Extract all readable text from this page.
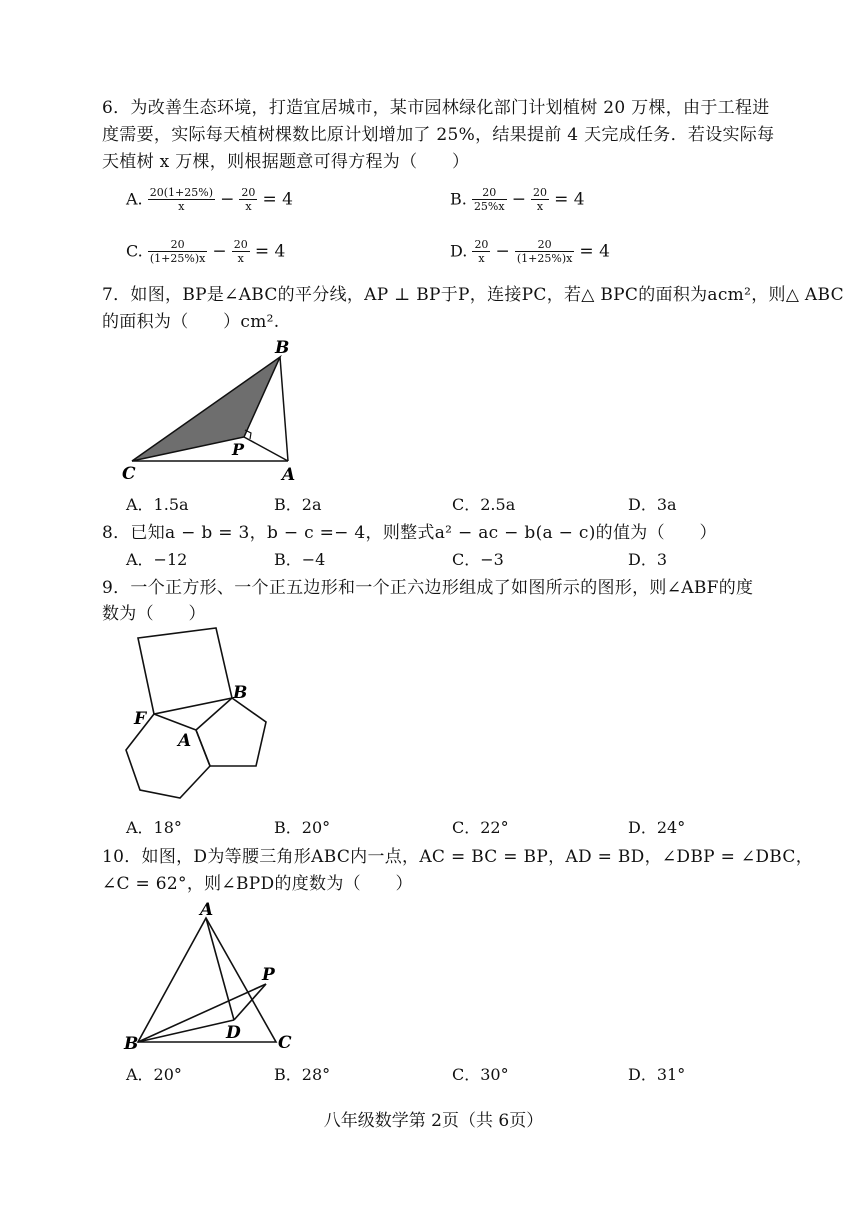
6．为改善生态环境，打造宜居城市，某市园林绿化部门计划植树 20 万棵，由于工程进
度需要，实际每天植树棵数比原计划增加了 25%，结果提前 4 天完成任务．若设实际每
天植树 x 万棵，则根据题意可得方程为（　　）
A. $\frac{20(1+25\%)}{x} - \frac{20}{x} = 4$	B. $\frac{20}{25\%x} - \frac{20}{x} = 4$
C. $\frac{20}{(1+25\%)x} - \frac{20}{x} = 4$	D. $\frac{20}{x} - \frac{20}{(1+25\%)x} = 4$
7．如图，BP是∠ABC的平分线，AP ⊥ BP于P，连接PC，若△ BPC的面积为acm²，则△ ABC
的面积为（　　）cm².
B
C
P
A
A．1.5a	B．2a	C．2.5a	D．3a
8．已知a − b = 3，b − c =− 4，则整式a² − ac − b(a − c)的值为（　　）
A．−12	B．−4	C．−3	D．3
9．一个正方形、一个正五边形和一个正六边形组成了如图所示的图形，则∠ABF的度
数为（　　）
F
A
B
A．18°	B．20°	C．22°	D．24°
10．如图，D为等腰三角形ABC内一点，AC = BC = BP，AD = BD，∠DBP = ∠DBC，
∠C = 62°，则∠BPD的度数为（　　）
A
P
D
B	C
A．20°	B．28°	C．30°	D．31°
八年级数学第 2页（共 6页）
